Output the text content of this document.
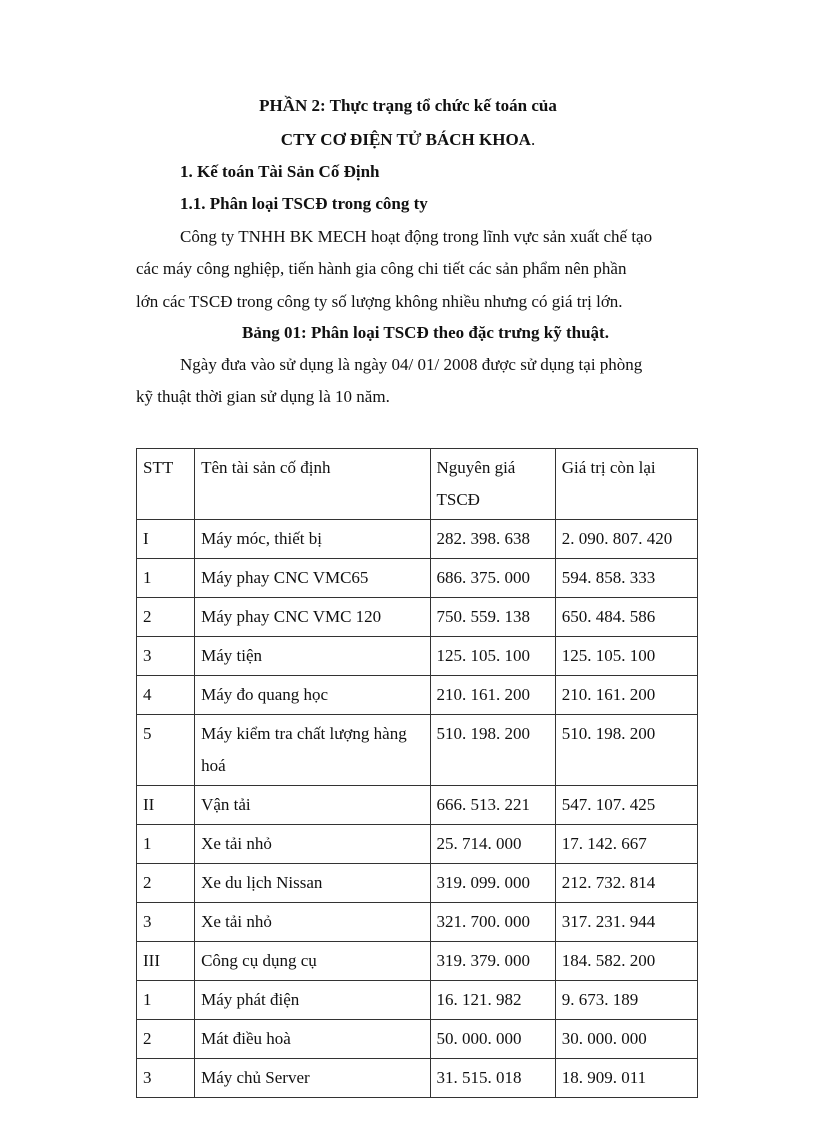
PHẦN 2: Thực trạng tổ chức kế toán của
CTY CƠ ĐIỆN TỬ BÁCH KHOA.
1. Kế toán Tài Sản Cố Định
1.1. Phân loại TSCĐ trong công ty
Công ty TNHH BK MECH hoạt động trong lĩnh vực sản xuất chế tạo
các máy công nghiệp, tiến hành gia công chi tiết các sản phẩm nên phần
lớn các TSCĐ trong công ty số lượng không nhiều nhưng có giá trị lớn.
Bảng 01: Phân loại TSCĐ theo đặc trưng kỹ thuật.
Ngày đưa vào sử dụng là ngày 04/ 01/ 2008 được sử dụng tại phòng
kỹ thuật thời gian sử dụng là 10 năm.
STT	Tên tài sản cố định	Nguyên giá TSCĐ	Giá trị còn lại
I	Máy móc, thiết bị	282. 398. 638	2. 090. 807. 420
1	Máy phay CNC VMC65	686. 375. 000	594. 858. 333
2	Máy phay CNC VMC 120	750. 559. 138	650. 484. 586
3	Máy tiện	125. 105. 100	125. 105. 100
4	Máy đo quang học	210. 161. 200	210. 161. 200
5	Máy kiểm tra chất lượng hàng hoá	510. 198. 200	510. 198. 200
II	Vận tải	666. 513. 221	547. 107. 425
1	Xe tải nhỏ	25. 714. 000	17. 142. 667
2	Xe du lịch Nissan	319. 099. 000	212. 732. 814
3	Xe tải nhỏ	321. 700. 000	317. 231. 944
III	Công cụ dụng cụ	319. 379. 000	184. 582. 200
1	Máy phát điện	16. 121. 982	9. 673. 189
2	Mát điều hoà	50. 000. 000	30. 000. 000
3	Máy chủ Server	31. 515. 018	18. 909. 011
